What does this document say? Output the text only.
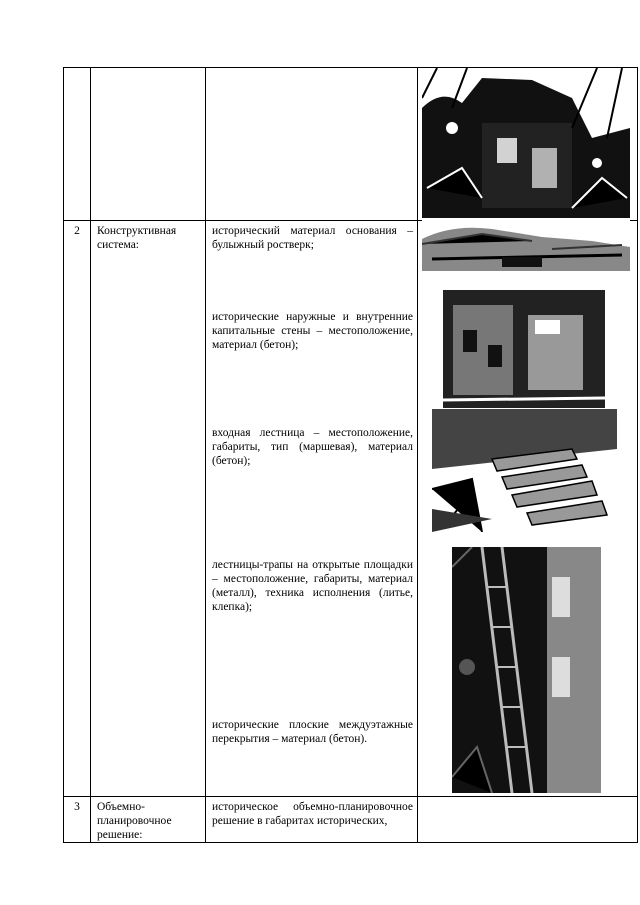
2	Конструктивная система:	исторический материал основания – булыжный ростверк;
исторические наружные и внутренние капитальные стены – местоположение, материал (бетон);
входная лестница – местоположение, габариты, тип (маршевая), материал (бетон);
лестницы-трапы на открытые площадки – местоположение, габариты, материал (металл), техника исполнения (литье, клепка);
исторические плоские междуэтажные перекрытия – материал (бетон).	

3	Объемно-планировочное решение:	историческое объемно-планировочное решение в габаритах исторических,	
